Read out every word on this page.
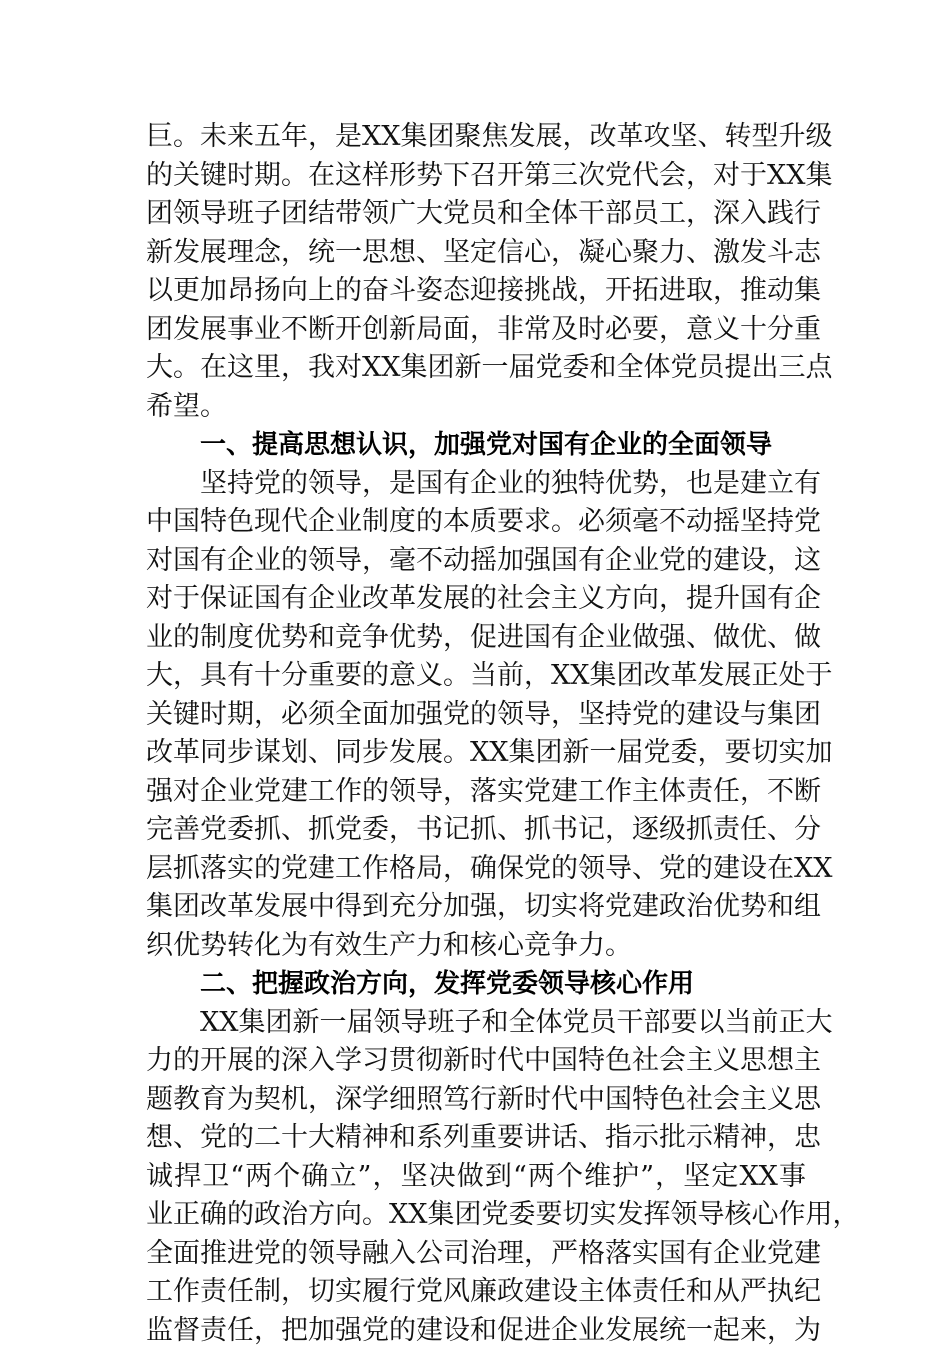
巨。未来五年，是XX集团聚焦发展，改革攻坚、转型升级
的关键时期。在这样形势下召开第三次党代会，对于XX集
团领导班子团结带领广大党员和全体干部员工，深入践行
新发展理念，统一思想、坚定信心，凝心聚力、激发斗志
以更加昂扬向上的奋斗姿态迎接挑战，开拓进取，推动集
团发展事业不断开创新局面，非常及时必要，意义十分重
大。在这里，我对XX集团新一届党委和全体党员提出三点
希望。
一、提高思想认识，加强党对国有企业的全面领导
坚持党的领导，是国有企业的独特优势，也是建立有
中国特色现代企业制度的本质要求。必须毫不动摇坚持党
对国有企业的领导，毫不动摇加强国有企业党的建设，这
对于保证国有企业改革发展的社会主义方向，提升国有企
业的制度优势和竞争优势，促进国有企业做强、做优、做
大，具有十分重要的意义。当前，XX集团改革发展正处于
关键时期，必须全面加强党的领导，坚持党的建设与集团
改革同步谋划、同步发展。XX集团新一届党委，要切实加
强对企业党建工作的领导，落实党建工作主体责任，不断
完善党委抓、抓党委，书记抓、抓书记，逐级抓责任、分
层抓落实的党建工作格局，确保党的领导、党的建设在XX
集团改革发展中得到充分加强，切实将党建政治优势和组
织优势转化为有效生产力和核心竞争力。
二、把握政治方向，发挥党委领导核心作用
XX集团新一届领导班子和全体党员干部要以当前正大
力的开展的深入学习贯彻新时代中国特色社会主义思想主
题教育为契机，深学细照笃行新时代中国特色社会主义思
想、党的二十大精神和系列重要讲话、指示批示精神，忠
诚捍卫“两个确立”，坚决做到“两个维护”，坚定XX事
业正确的政治方向。XX集团党委要切实发挥领导核心作用，
全面推进党的领导融入公司治理，严格落实国有企业党建
工作责任制，切实履行党风廉政建设主体责任和从严执纪
监督责任，把加强党的建设和促进企业发展统一起来，为
